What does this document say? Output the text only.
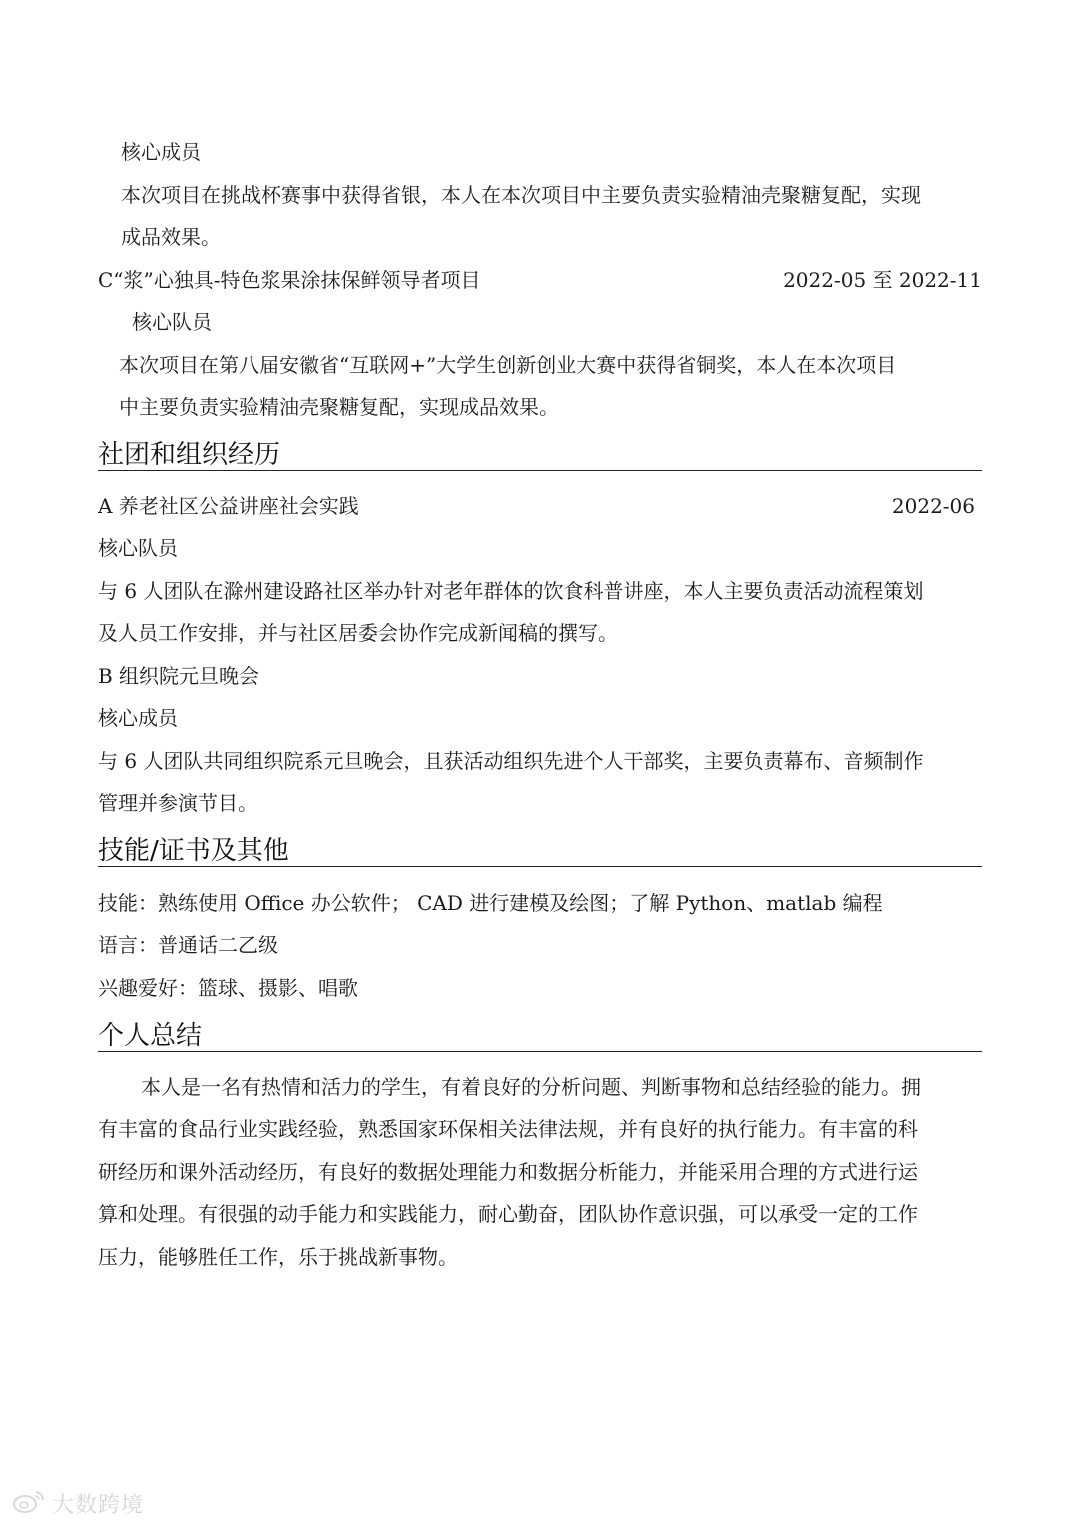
核心成员
本次项目在挑战杯赛事中获得省银，本人在本次项目中主要负责实验精油壳聚糖复配，实现
成品效果。
C“浆”心独具-特色浆果涂抹保鲜领导者项目	2022-05 至 2022-11
核心队员
本次项目在第八届安徽省“互联网+”大学生创新创业大赛中获得省铜奖，本人在本次项目
中主要负责实验精油壳聚糖复配，实现成品效果。
社团和组织经历
A 养老社区公益讲座社会实践	2022-06
核心队员
与 6 人团队在滁州建设路社区举办针对老年群体的饮食科普讲座，本人主要负责活动流程策划
及人员工作安排，并与社区居委会协作完成新闻稿的撰写。
B 组织院元旦晚会
核心成员
与 6 人团队共同组织院系元旦晚会，且获活动组织先进个人干部奖，主要负责幕布、音频制作
管理并参演节目。
技能/证书及其他
技能：熟练使用 Office 办公软件； CAD 进行建模及绘图；了解 Python、matlab 编程
语言：普通话二乙级
兴趣爱好：篮球、摄影、唱歌
个人总结
本人是一名有热情和活力的学生，有着良好的分析问题、判断事物和总结经验的能力。拥
有丰富的食品行业实践经验，熟悉国家环保相关法律法规，并有良好的执行能力。有丰富的科
研经历和课外活动经历，有良好的数据处理能力和数据分析能力，并能采用合理的方式进行运
算和处理。有很强的动手能力和实践能力，耐心勤奋，团队协作意识强，可以承受一定的工作
压力，能够胜任工作，乐于挑战新事物。
大数跨境
